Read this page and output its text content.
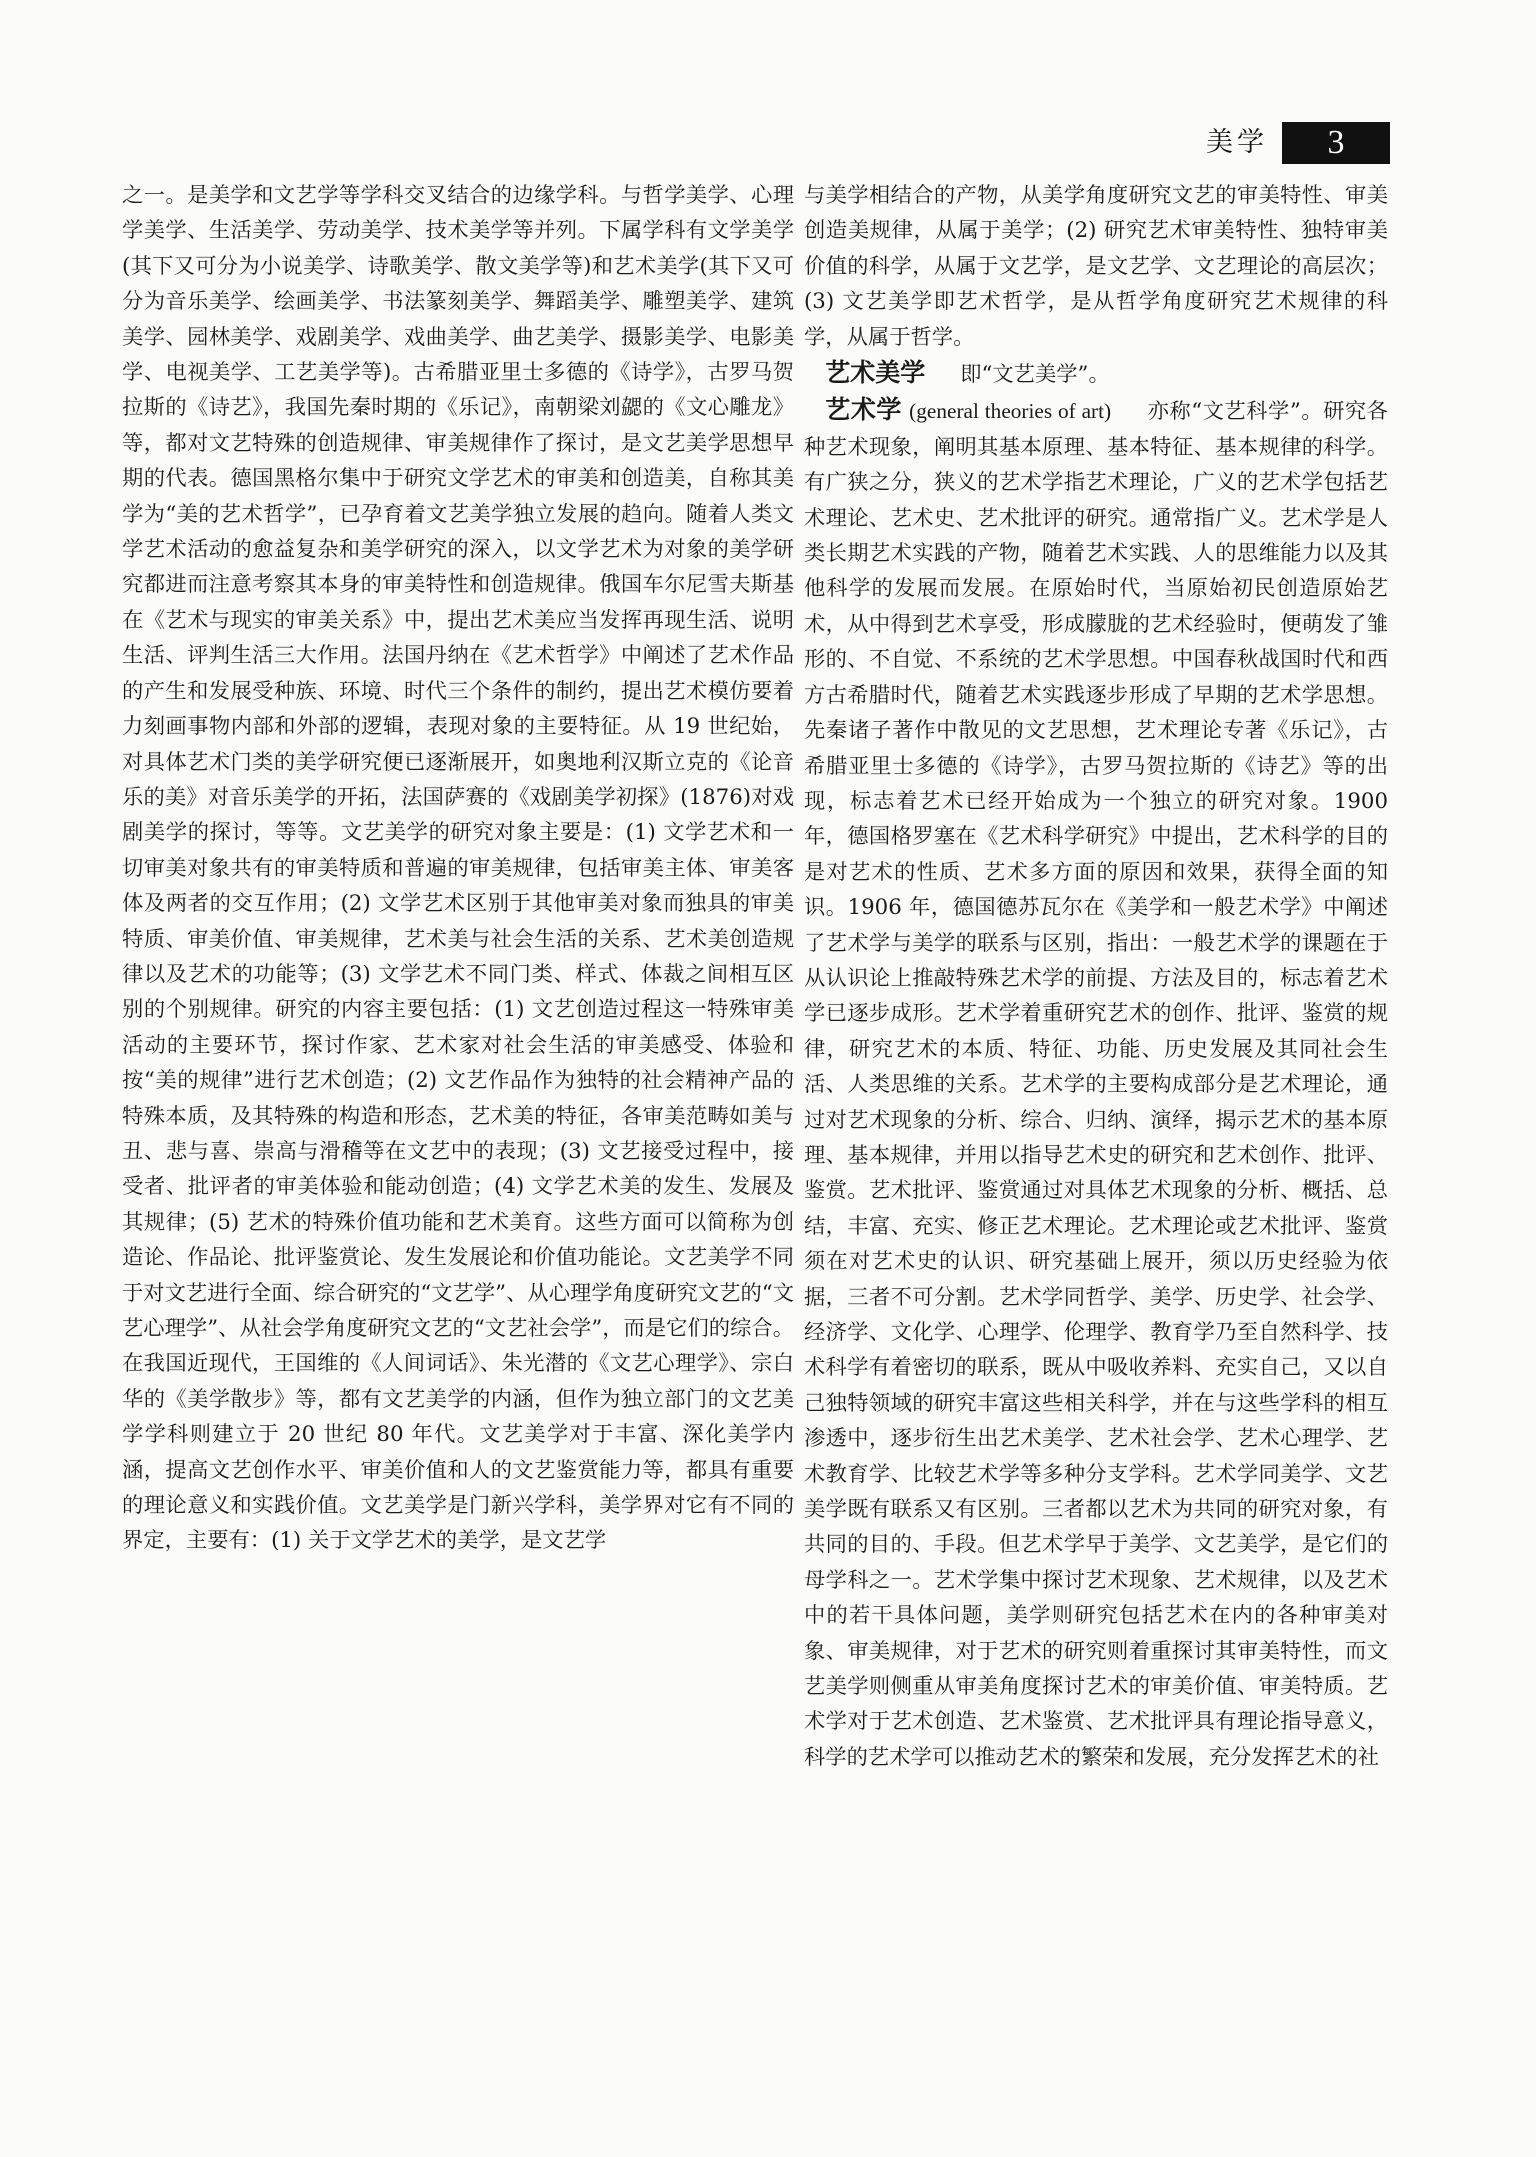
美学	3

之一。是美学和文艺学等学科交叉结合的边缘学科。与哲学美学、心理学美学、生活美学、劳动美学、技术美学等并列。下属学科有文学美学(其下又可分为小说美学、诗歌美学、散文美学等)和艺术美学(其下又可分为音乐美学、绘画美学、书法篆刻美学、舞蹈美学、雕塑美学、建筑美学、园林美学、戏剧美学、戏曲美学、曲艺美学、摄影美学、电影美学、电视美学、工艺美学等)。古希腊亚里士多德的《诗学》，古罗马贺拉斯的《诗艺》，我国先秦时期的《乐记》，南朝梁刘勰的《文心雕龙》等，都对文艺特殊的创造规律、审美规律作了探讨，是文艺美学思想早期的代表。德国黑格尔集中于研究文学艺术的审美和创造美，自称其美学为“美的艺术哲学”，已孕育着文艺美学独立发展的趋向。随着人类文学艺术活动的愈益复杂和美学研究的深入，以文学艺术为对象的美学研究都进而注意考察其本身的审美特性和创造规律。俄国车尔尼雪夫斯基在《艺术与现实的审美关系》中，提出艺术美应当发挥再现生活、说明生活、评判生活三大作用。法国丹纳在《艺术哲学》中阐述了艺术作品的产生和发展受种族、环境、时代三个条件的制约，提出艺术模仿要着力刻画事物内部和外部的逻辑，表现对象的主要特征。从 19 世纪始，对具体艺术门类的美学研究便已逐渐展开，如奥地利汉斯立克的《论音乐的美》对音乐美学的开拓，法国萨赛的《戏剧美学初探》(1876)对戏剧美学的探讨，等等。文艺美学的研究对象主要是：(1) 文学艺术和一切审美对象共有的审美特质和普遍的审美规律，包括审美主体、审美客体及两者的交互作用；(2) 文学艺术区别于其他审美对象而独具的审美特质、审美价值、审美规律，艺术美与社会生活的关系、艺术美创造规律以及艺术的功能等；(3) 文学艺术不同门类、样式、体裁之间相互区别的个别规律。研究的内容主要包括：(1) 文艺创造过程这一特殊审美活动的主要环节，探讨作家、艺术家对社会生活的审美感受、体验和按“美的规律”进行艺术创造；(2) 文艺作品作为独特的社会精神产品的特殊本质，及其特殊的构造和形态，艺术美的特征，各审美范畴如美与丑、悲与喜、崇高与滑稽等在文艺中的表现；(3) 文艺接受过程中，接受者、批评者的审美体验和能动创造；(4) 文学艺术美的发生、发展及其规律；(5) 艺术的特殊价值功能和艺术美育。这些方面可以简称为创造论、作品论、批评鉴赏论、发生发展论和价值功能论。文艺美学不同于对文艺进行全面、综合研究的“文艺学”、从心理学角度研究文艺的“文艺心理学”、从社会学角度研究文艺的“文艺社会学”，而是它们的综合。在我国近现代，王国维的《人间词话》、朱光潜的《文艺心理学》、宗白华的《美学散步》等，都有文艺美学的内涵，但作为独立部门的文艺美学学科则建立于 20 世纪 80 年代。文艺美学对于丰富、深化美学内涵，提高文艺创作水平、审美价值和人的文艺鉴赏能力等，都具有重要的理论意义和实践价值。文艺美学是门新兴学科，美学界对它有不同的界定，主要有：(1) 关于文学艺术的美学，是文艺学

与美学相结合的产物，从美学角度研究文艺的审美特性、审美创造美规律，从属于美学；(2) 研究艺术审美特性、独特审美价值的科学，从属于文艺学，是文艺学、文艺理论的高层次；(3) 文艺美学即艺术哲学，是从哲学角度研究艺术规律的科学，从属于哲学。

艺术美学 　 即“文艺美学”。

艺术学 (general theories of art) 　 亦称“文艺科学”。研究各种艺术现象，阐明其基本原理、基本特征、基本规律的科学。有广狭之分，狭义的艺术学指艺术理论，广义的艺术学包括艺术理论、艺术史、艺术批评的研究。通常指广义。艺术学是人类长期艺术实践的产物，随着艺术实践、人的思维能力以及其他科学的发展而发展。在原始时代，当原始初民创造原始艺术，从中得到艺术享受，形成朦胧的艺术经验时，便萌发了雏形的、不自觉、不系统的艺术学思想。中国春秋战国时代和西方古希腊时代，随着艺术实践逐步形成了早期的艺术学思想。先秦诸子著作中散见的文艺思想，艺术理论专著《乐记》，古希腊亚里士多德的《诗学》，古罗马贺拉斯的《诗艺》等的出现，标志着艺术已经开始成为一个独立的研究对象。1900 年，德国格罗塞在《艺术科学研究》中提出，艺术科学的目的是对艺术的性质、艺术多方面的原因和效果，获得全面的知识。1906 年，德国德苏瓦尔在《美学和一般艺术学》中阐述了艺术学与美学的联系与区别，指出：一般艺术学的课题在于从认识论上推敲特殊艺术学的前提、方法及目的，标志着艺术学已逐步成形。艺术学着重研究艺术的创作、批评、鉴赏的规律，研究艺术的本质、特征、功能、历史发展及其同社会生活、人类思维的关系。艺术学的主要构成部分是艺术理论，通过对艺术现象的分析、综合、归纳、演绎，揭示艺术的基本原理、基本规律，并用以指导艺术史的研究和艺术创作、批评、鉴赏。艺术批评、鉴赏通过对具体艺术现象的分析、概括、总结，丰富、充实、修正艺术理论。艺术理论或艺术批评、鉴赏须在对艺术史的认识、研究基础上展开，须以历史经验为依据，三者不可分割。艺术学同哲学、美学、历史学、社会学、经济学、文化学、心理学、伦理学、教育学乃至自然科学、技术科学有着密切的联系，既从中吸收养料、充实自己，又以自己独特领域的研究丰富这些相关科学，并在与这些学科的相互渗透中，逐步衍生出艺术美学、艺术社会学、艺术心理学、艺术教育学、比较艺术学等多种分支学科。艺术学同美学、文艺美学既有联系又有区别。三者都以艺术为共同的研究对象，有共同的目的、手段。但艺术学早于美学、文艺美学，是它们的母学科之一。艺术学集中探讨艺术现象、艺术规律，以及艺术中的若干具体问题，美学则研究包括艺术在内的各种审美对象、审美规律，对于艺术的研究则着重探讨其审美特性，而文艺美学则侧重从审美角度探讨艺术的审美价值、审美特质。艺术学对于艺术创造、艺术鉴赏、艺术批评具有理论指导意义，科学的艺术学可以推动艺术的繁荣和发展，充分发挥艺术的社
